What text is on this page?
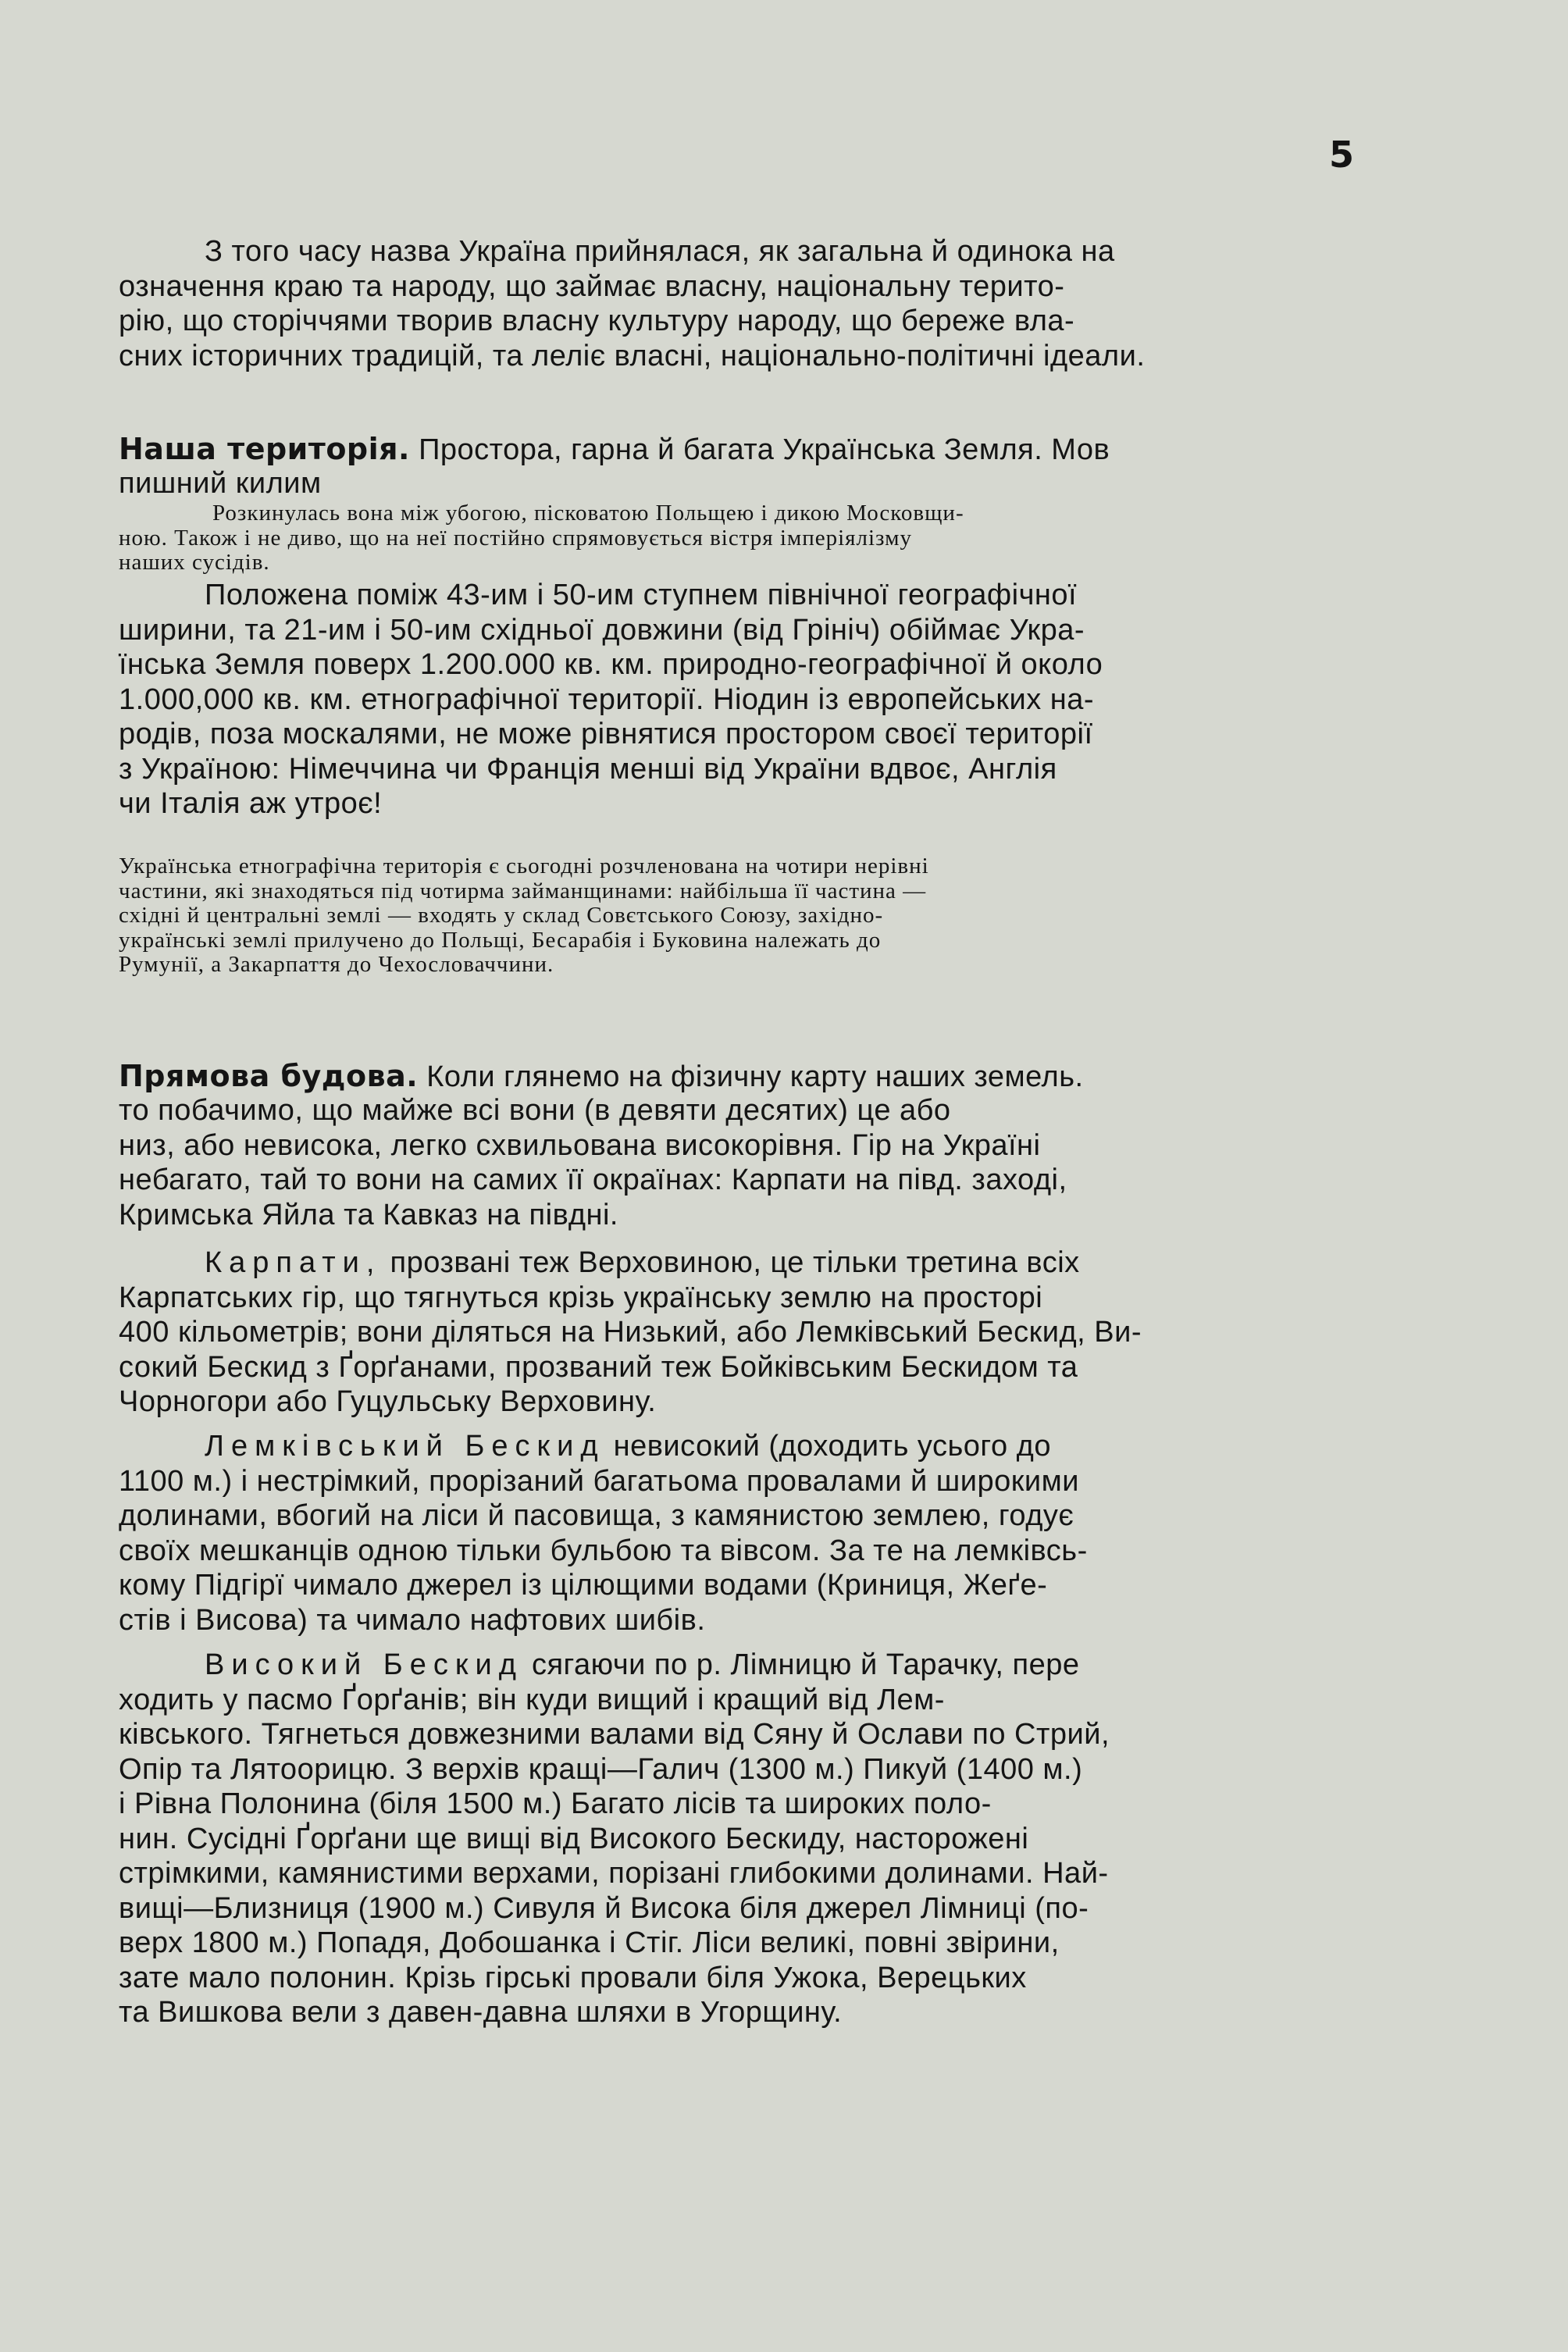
5
З того часу назва Україна прийнялася, як загальна й одинока на
означення краю та народу, що займає власну, національну терито-
рію, що сторіччями творив власну культуру народу, що береже вла-
сних історичних традицій, та леліє власні, національно-політичні ідеали.
Наша територія. Простора, гарна й багата Українська Земля. Мов
пишний килим
Розкинулась вона між убогою, пісковатою Польщею і дикою Московщи-
ною. Також і не диво, що на неї постійно спрямовується вістря імперіялізму
наших сусідів.
Положена поміж 43-им і 50-им ступнем північної географічної
ширини, та 21-им і 50-им східньої довжини (від Грініч) обіймає Укра-
їнська Земля поверх 1.200.000 кв. км. природно-географічної й около
1.000,000 кв. км. етнографічної території. Ніодин із европейських на-
родів, поза москалями, не може рівнятися простором своєї території
з Україною: Німеччина чи Франція менші від України вдвоє, Англія
чи Італія аж утроє!
Українська етнографічна територія є сьогодні розчленована на чотири нерівні
частини, які знаходяться під чотирма займанщинами: найбільша її частина —
східні й центральні землі — входять у склад Совєтського Союзу, західно-
українські землі прилучено до Польщі, Бесарабія і Буковина належать до
Румунії, а Закарпаття до Чехословаччини.
Прямова будова. Коли глянемо на фізичну карту наших земель.
то побачимо, що майже всі вони (в девяти десятих) це або
низ, або невисока, легко схвильована високорівня. Гір на Україні
небагато, тай то вони на самих її окраїнах: Карпати на півд. заході,
Кримська Яйла та Кавказ на півдні.
Карпати, прозвані теж Верховиною, це тільки третина всіх
Карпатських гір, що тягнуться крізь українську землю на просторі
400 кільометрів; вони діляться на Низький, або Лемківський Бескид, Ви-
сокий Бескид з Ґорґанами, прозваний теж Бойківським Бескидом та
Чорногори або Гуцульську Верховину.
Лемківський Бескид невисокий (доходить усього до
1100 м.) і нестрімкий, прорізаний багатьома провалами й широкими
долинами, вбогий на ліси й пасовища, з камянистою землею, годує
своїх мешканців одною тільки бульбою та вівсом. За те на лемківсь-
кому Підгірї чимало джерел із цілющими водами (Криниця, Жеґе-
стів і Висова) та чимало нафтових шибів.
Високий Бескид сягаючи по р. Лімницю й Тарачку, пере
ходить у пасмо Ґорґанів; він куди вищий і кращий від Лем-
ківського. Тягнеться довжезними валами від Сяну й Ослави по Стрий,
Опір та Лятоорицю. З верхів кращі—Галич (1300 м.) Пикуй (1400 м.)
і Рівна Полонина (біля 1500 м.) Багато лісів та широких поло-
нин. Сусідні Ґорґани ще вищі від Високого Бескиду, насторожені
стрімкими, камянистими верхами, порізані глибокими долинами. Най-
вищі—Близниця (1900 м.) Сивуля й Висока біля джерел Лімниці (по-
верх 1800 м.) Попадя, Добошанка і Стіг. Ліси великі, повні звірини,
зате мало полонин. Крізь гірські провали біля Ужока, Верецьких
та Вишкова вели з давен-давна шляхи в Угорщину.
